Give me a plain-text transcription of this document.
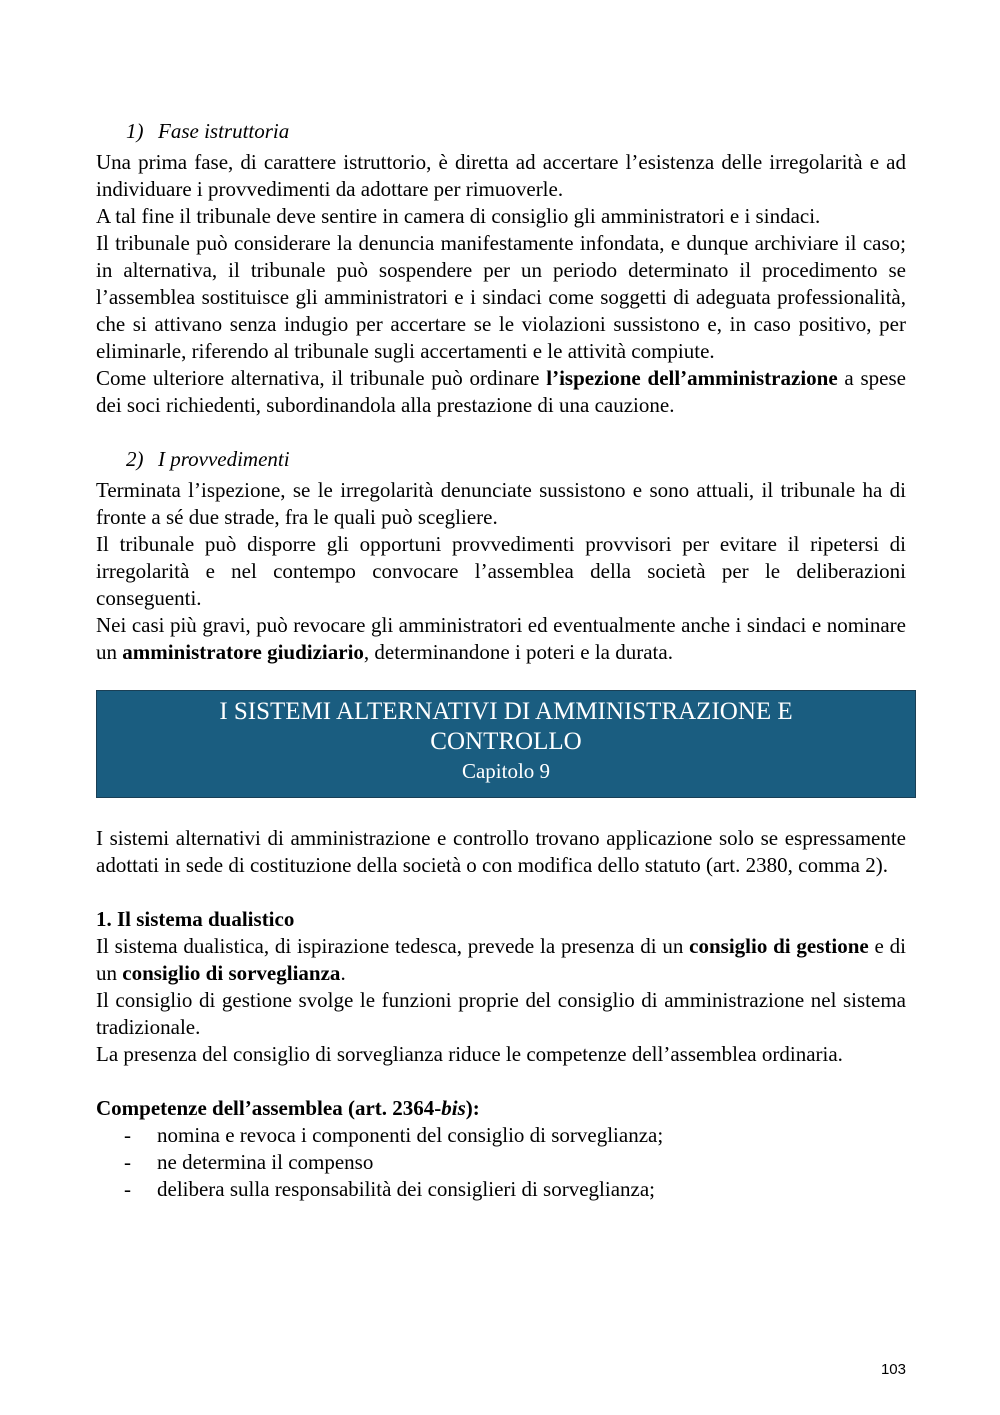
1) Fase istruttoria

Una prima fase, di carattere istruttorio, è diretta ad accertare l’esistenza delle irregolarità e ad individuare i provvedimenti da adottare per rimuoverle.

A tal fine il tribunale deve sentire in camera di consiglio gli amministratori e i sindaci.

Il tribunale può considerare la denuncia manifestamente infondata, e dunque archiviare il caso; in alternativa, il tribunale può sospendere per un periodo determinato il procedimento se l’assemblea sostituisce gli amministratori e i sindaci come soggetti di adeguata professionalità, che si attivano senza indugio per accertare se le violazioni sussistono e, in caso positivo, per eliminarle, riferendo al tribunale sugli accertamenti e le attività compiute.

Come ulteriore alternativa, il tribunale può ordinare l’ispezione dell’amministrazione a spese dei soci richiedenti, subordinandola alla prestazione di una cauzione.

2) I provvedimenti

Terminata l’ispezione, se le irregolarità denunciate sussistono e sono attuali, il tribunale ha di fronte a sé due strade, fra le quali può scegliere.

Il tribunale può disporre gli opportuni provvedimenti provvisori per evitare il ripetersi di irregolarità e nel contempo convocare l’assemblea della società per le deliberazioni conseguenti.

Nei casi più gravi, può revocare gli amministratori ed eventualmente anche i sindaci e nominare un amministratore giudiziario, determinandone i poteri e la durata.

I SISTEMI ALTERNATIVI DI AMMINISTRAZIONE E
CONTROLLO
Capitolo 9

I sistemi alternativi di amministrazione e controllo trovano applicazione solo se espressamente adottati in sede di costituzione della società o con modifica dello statuto (art. 2380, comma 2).

1. Il sistema dualistico

Il sistema dualistica, di ispirazione tedesca, prevede la presenza di un consiglio di gestione e di un consiglio di sorveglianza.

Il consiglio di gestione svolge le funzioni proprie del consiglio di amministrazione nel sistema tradizionale.

La presenza del consiglio di sorveglianza riduce le competenze dell’assemblea ordinaria.

Competenze dell’assemblea (art. 2364-bis):
- nomina e revoca i componenti del consiglio di sorveglianza;
- ne determina il compenso
- delibera sulla responsabilità dei consiglieri di sorveglianza;
103
